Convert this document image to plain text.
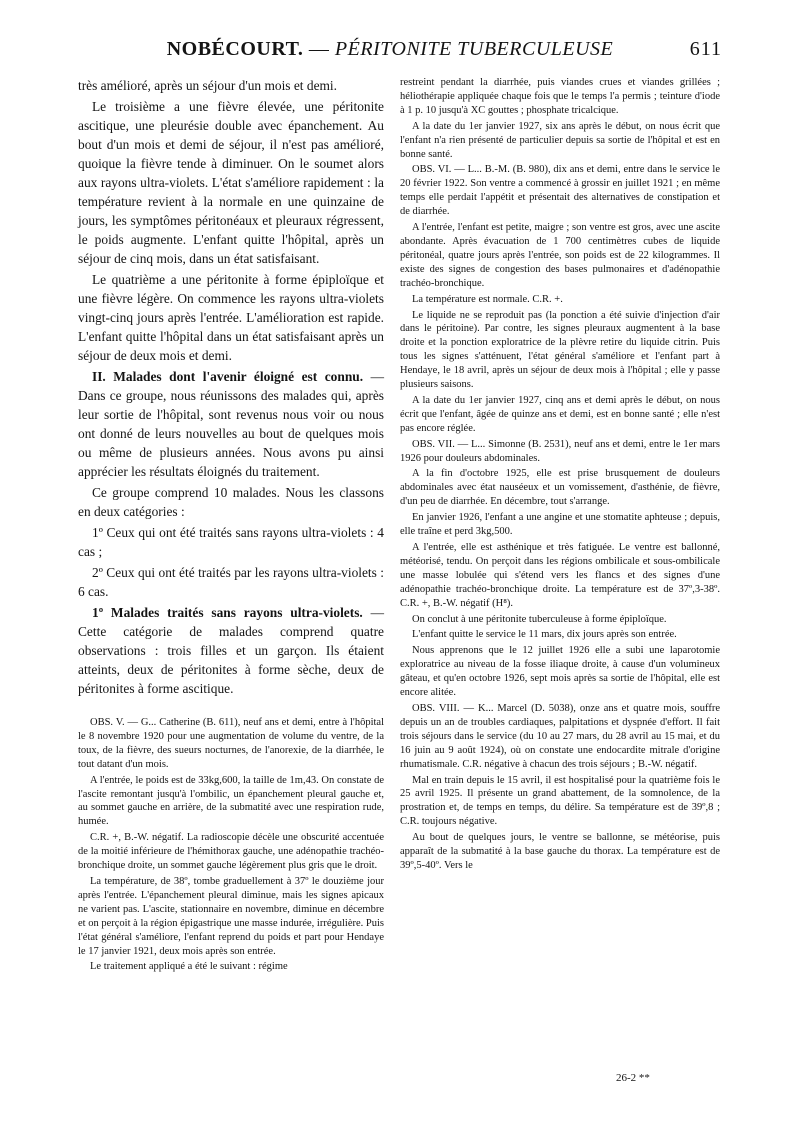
NOBÉCOURT. — PÉRITONITE TUBERCULEUSE	611

très amélioré, après un séjour d'un mois et demi.

Le troisième a une fièvre élevée, une péritonite ascitique, une pleurésie double avec épanchement. Au bout d'un mois et demi de séjour, il n'est pas amélioré, quoique la fièvre tende à diminuer. On le soumet alors aux rayons ultra-violets. L'état s'améliore rapidement : la température revient à la normale en une quinzaine de jours, les symptômes péritonéaux et pleuraux régressent, le poids augmente. L'enfant quitte l'hôpital, après un séjour de cinq mois, dans un état satisfaisant.

Le quatrième a une péritonite à forme épiploïque et une fièvre légère. On commence les rayons ultra-violets vingt-cinq jours après l'entrée. L'amélioration est rapide. L'enfant quitte l'hôpital dans un état satisfaisant après un séjour de deux mois et demi.

II. Malades dont l'avenir éloigné est connu. — Dans ce groupe, nous réunissons des malades qui, après leur sortie de l'hôpital, sont revenus nous voir ou nous ont donné de leurs nouvelles au bout de quelques mois ou même de plusieurs années. Nous avons pu ainsi apprécier les résultats éloignés du traitement.

Ce groupe comprend 10 malades. Nous les classons en deux catégories :

1º Ceux qui ont été traités sans rayons ultra-violets : 4 cas ;

2º Ceux qui ont été traités par les rayons ultra-violets : 6 cas.

1º Malades traités sans rayons ultra-violets. — Cette catégorie de malades comprend quatre observations : trois filles et un garçon. Ils étaient atteints, deux de péritonites à forme sèche, deux de péritonites à forme ascitique.

OBS. V. — G... Catherine (B. 611), neuf ans et demi, entre à l'hôpital le 8 novembre 1920 pour une augmentation de volume du ventre, de la toux, de la fièvre, des sueurs nocturnes, de l'anorexie, de la diarrhée, le tout datant d'un mois.

A l'entrée, le poids est de 33kg,600, la taille de 1m,43. On constate de l'ascite remontant jusqu'à l'ombilic, un épanchement pleural gauche et, au sommet gauche en arrière, de la submatité avec une respiration rude, humée.

C.R. +, B.-W. négatif. La radioscopie décèle une obscurité accentuée de la moitié inférieure de l'hémithorax gauche, une adénopathie trachéo-bronchique droite, un sommet gauche légèrement plus gris que le droit.

La température, de 38º, tombe graduellement à 37º le douzième jour après l'entrée. L'épanchement pleural diminue, mais les signes apicaux ne varient pas. L'ascite, stationnaire en novembre, diminue en décembre et on perçoit à la région épigastrique une masse indurée, irrégulière. Puis l'état général s'améliore, l'enfant reprend du poids et part pour Hendaye le 17 janvier 1921, deux mois après son entrée.

Le traitement appliqué a été le suivant : régime

restreint pendant la diarrhée, puis viandes crues et viandes grillées ; héliothérapie appliquée chaque fois que le temps l'a permis ; teinture d'iode à 1 p. 10 jusqu'à XC gouttes ; phosphate tricalcique.

A la date du 1er janvier 1927, six ans après le début, on nous écrit que l'enfant n'a rien présenté de particulier depuis sa sortie de l'hôpital et est en bonne santé.

OBS. VI. — L... B.-M. (B. 980), dix ans et demi, entre dans le service le 20 février 1922. Son ventre a commencé à grossir en juillet 1921 ; en même temps elle perdait l'appétit et présentait des alternatives de constipation et de diarrhée.

A l'entrée, l'enfant est petite, maigre ; son ventre est gros, avec une ascite abondante. Après évacuation de 1 700 centimètres cubes de liquide péritonéal, quatre jours après l'entrée, son poids est de 22 kilogrammes. Il existe des signes de congestion des bases pulmonaires et d'adénopathie trachéo-bronchique.

La température est normale. C.R. +.

Le liquide ne se reproduit pas (la ponction a été suivie d'injection d'air dans le péritoine). Par contre, les signes pleuraux augmentent à la base droite et la ponction exploratrice de la plèvre retire du liquide citrin. Puis tous les signes s'atténuent, l'état général s'améliore et l'enfant part à Hendaye, le 18 avril, après un séjour de deux mois à l'hôpital ; elle y passe plusieurs saisons.

A la date du 1er janvier 1927, cinq ans et demi après le début, on nous écrit que l'enfant, âgée de quinze ans et demi, est en bonne santé ; elle n'est pas encore réglée.

OBS. VII. — L... Simonne (B. 2531), neuf ans et demi, entre le 1er mars 1926 pour douleurs abdominales.

A la fin d'octobre 1925, elle est prise brusquement de douleurs abdominales avec état nauséeux et un vomissement, d'asthénie, de fièvre, d'un peu de diarrhée. En décembre, tout s'arrange.

En janvier 1926, l'enfant a une angine et une stomatite aphteuse ; depuis, elle traîne et perd 3kg,500.

A l'entrée, elle est asthénique et très fatiguée. Le ventre est ballonné, météorisé, tendu. On perçoit dans les régions ombilicale et sous-ombilicale une masse lobulée qui s'étend vers les flancs et des signes d'une adénopathie trachéo-bronchique droite. La température est de 37º,3-38º. C.R. +, B.-W. négatif (H⁸).

On conclut à une péritonite tuberculeuse à forme épiploïque.

L'enfant quitte le service le 11 mars, dix jours après son entrée.

Nous apprenons que le 12 juillet 1926 elle a subi une laparotomie exploratrice au niveau de la fosse iliaque droite, à cause d'un volumineux gâteau, et qu'en octobre 1926, sept mois après sa sortie de l'hôpital, elle est encore alitée.

OBS. VIII. — K... Marcel (D. 5038), onze ans et quatre mois, souffre depuis un an de troubles cardiaques, palpitations et dyspnée d'effort. Il fait trois séjours dans le service (du 10 au 27 mars, du 28 avril au 15 mai, et du 16 juin au 9 août 1924), où on constate une endocardite mitrale d'origine rhumatismale. C.R. négative à chacun des trois séjours ; B.-W. négatif.

Mal en train depuis le 15 avril, il est hospitalisé pour la quatrième fois le 25 avril 1925. Il présente un grand abattement, de la somnolence, de la prostration et, de temps en temps, du délire. Sa température est de 39º,8 ; C.R. toujours négative.

Au bout de quelques jours, le ventre se ballonne, se météorise, puis apparaît de la submatité à la base gauche du thorax. La température est de 39º,5-40º. Vers le

26-2 **
